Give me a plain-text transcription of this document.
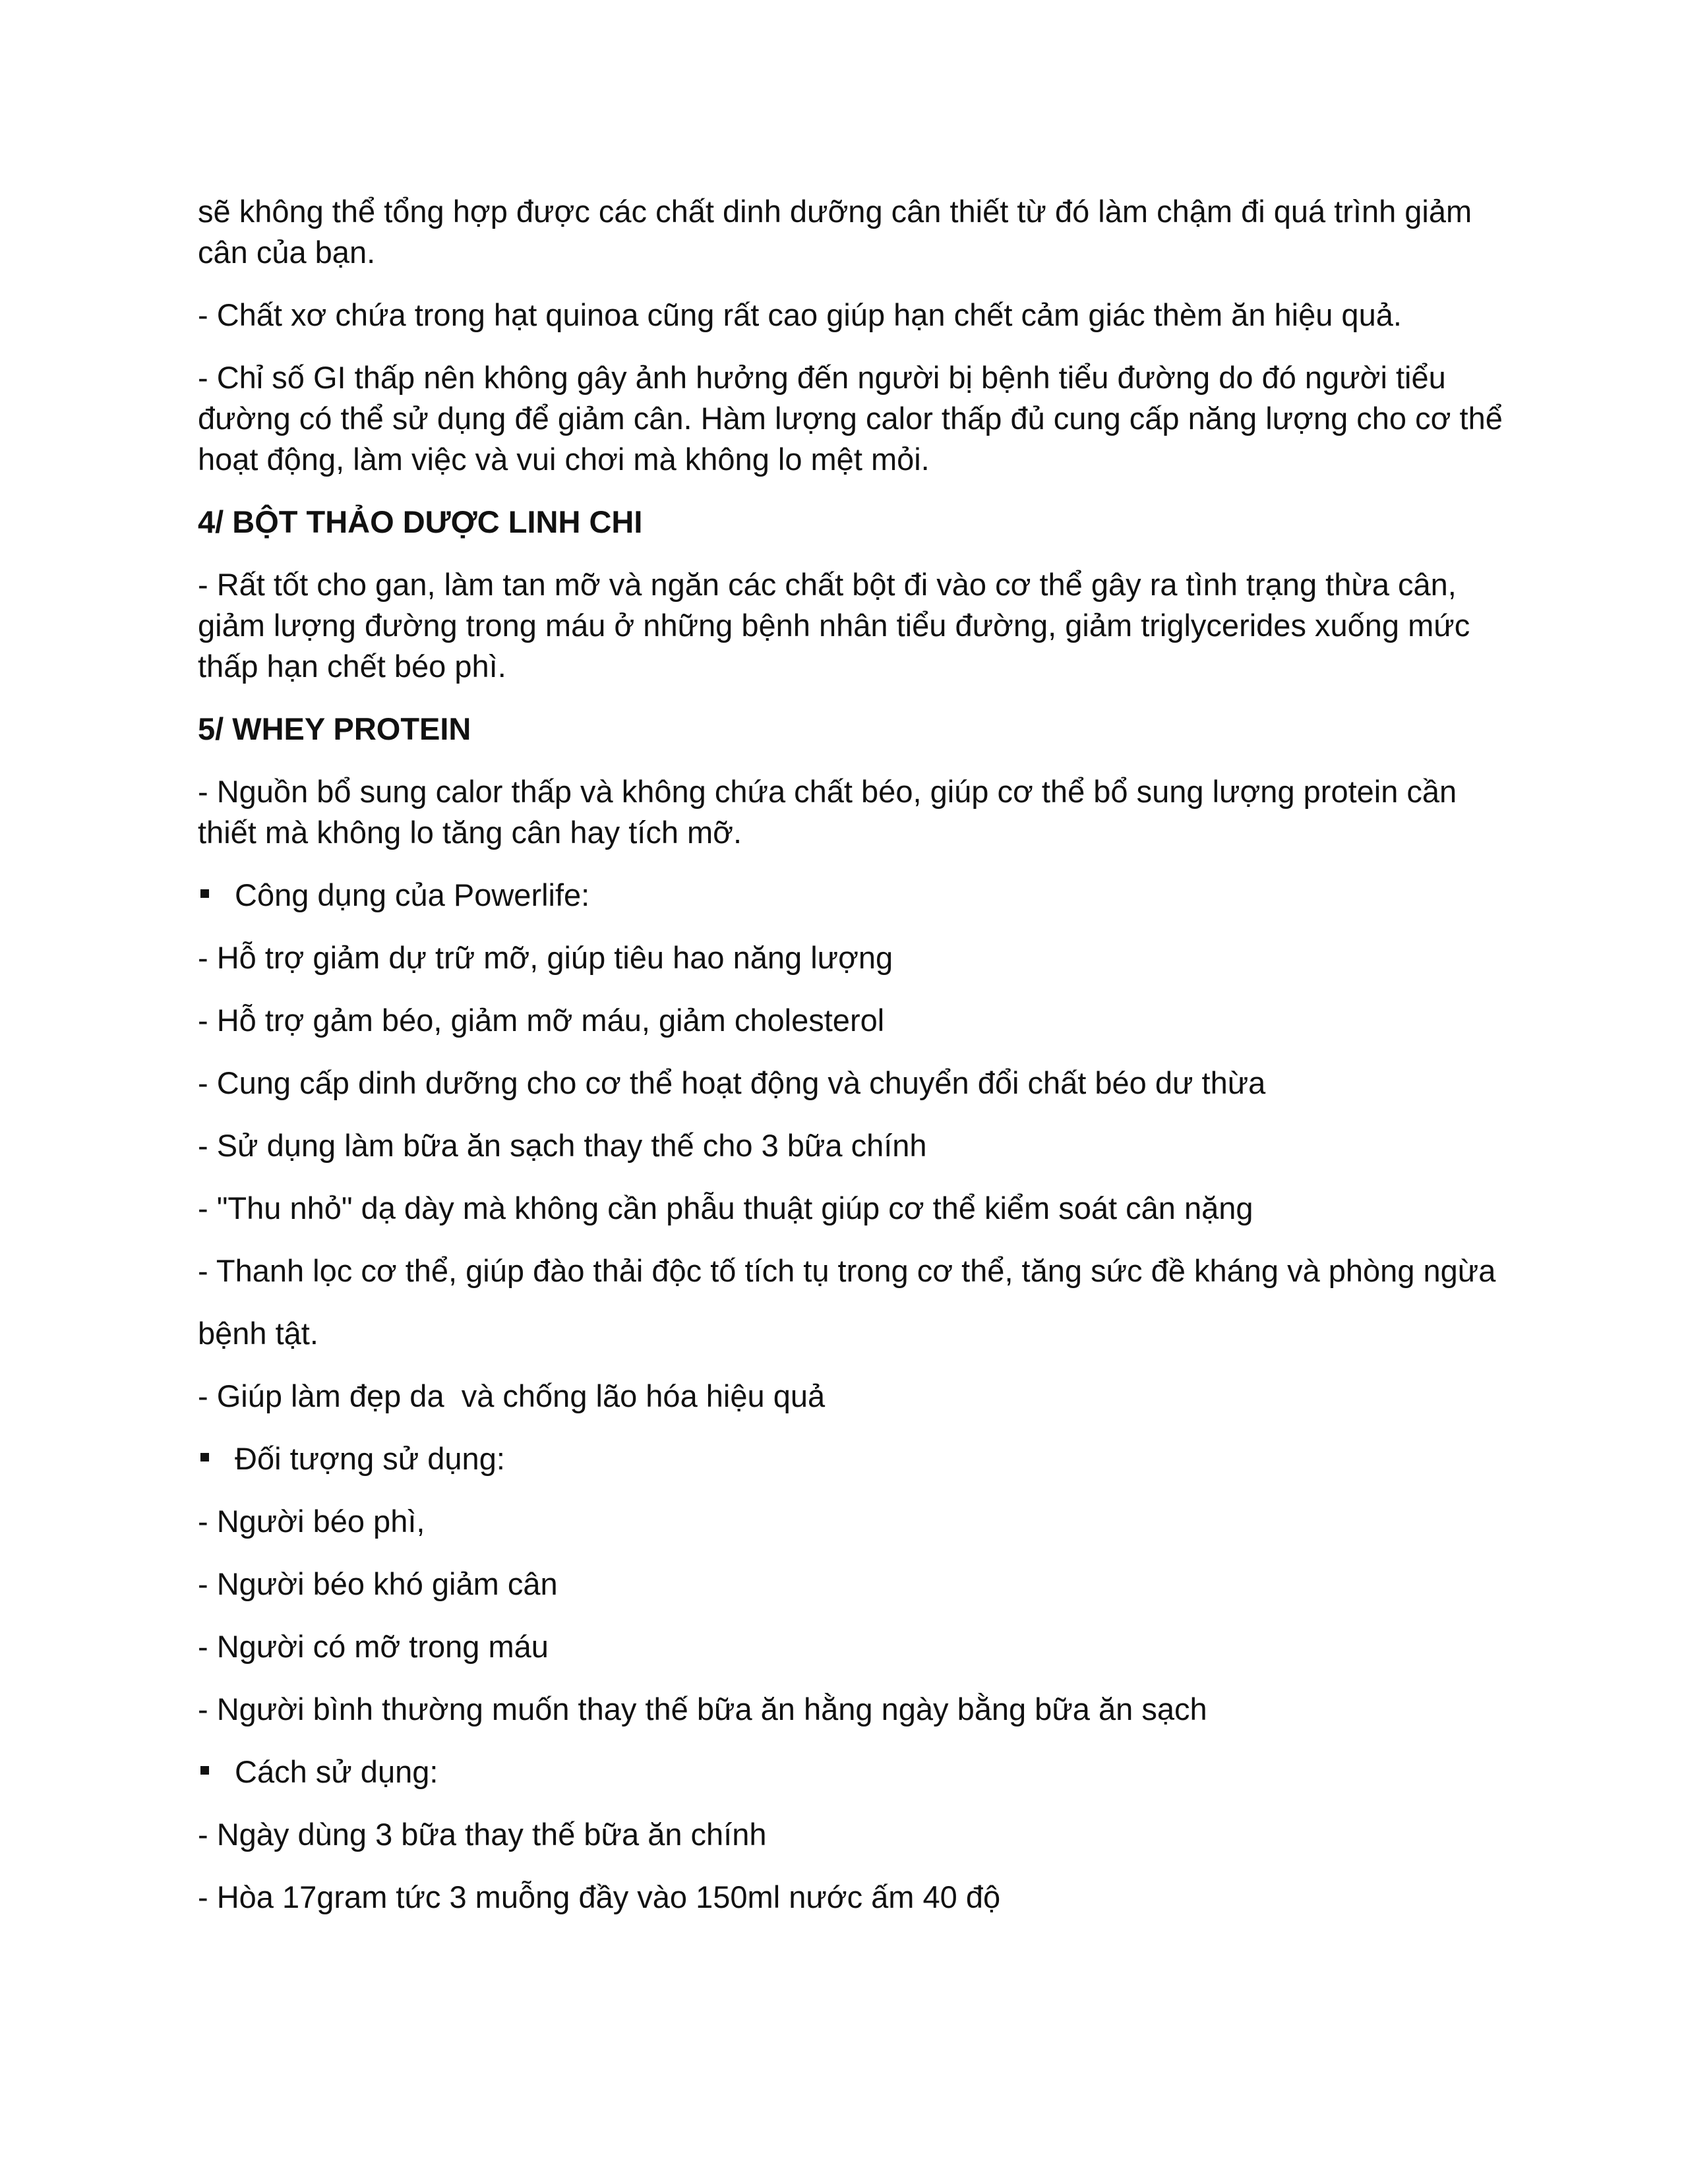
sẽ không thể tổng hợp được các chất dinh dưỡng cân thiết từ đó làm chậm đi quá trình giảm cân của bạn.

- Chất xơ chứa trong hạt quinoa cũng rất cao giúp hạn chết cảm giác thèm ăn hiệu quả.

- Chỉ số GI thấp nên không gây ảnh hưởng đến người bị bệnh tiểu đường do đó người tiểu đường có thể sử dụng để giảm cân. Hàm lượng calor thấp đủ cung cấp năng lượng cho cơ thể hoạt động, làm việc và vui chơi mà không lo mệt mỏi.

4/ BỘT THẢO DƯỢC LINH CHI

- Rất tốt cho gan, làm tan mỡ và ngăn các chất bột đi vào cơ thể gây ra tình trạng thừa cân, giảm lượng đường trong máu ở những bệnh nhân tiểu đường, giảm triglycerides xuống mức thấp hạn chết béo phì.

5/ WHEY PROTEIN

- Nguồn bổ sung calor thấp và không chứa chất béo, giúp cơ thể bổ sung lượng protein cần thiết mà không lo tăng cân hay tích mỡ.

Công dụng của Powerlife:

- Hỗ trợ giảm dự trữ mỡ, giúp tiêu hao năng lượng

- Hỗ trợ gảm béo, giảm mỡ máu, giảm cholesterol

- Cung cấp dinh dưỡng cho cơ thể hoạt động và chuyển đổi chất béo dư thừa

- Sử dụng làm bữa ăn sạch thay thế cho 3 bữa chính

- "Thu nhỏ" dạ dày mà không cần phẫu thuật giúp cơ thể kiểm soát cân nặng

- Thanh lọc cơ thể, giúp đào thải độc tố tích tụ trong cơ thể, tăng sức đề kháng và phòng ngừa

bệnh tật.

- Giúp làm đẹp da  và chống lão hóa hiệu quả

Đối tượng sử dụng:

- Người béo phì,

- Người béo khó giảm cân

- Người có mỡ trong máu

- Người bình thường muốn thay thế bữa ăn hằng ngày bằng bữa ăn sạch

Cách sử dụng:

- Ngày dùng 3 bữa thay thế bữa ăn chính

- Hòa 17gram tức 3 muỗng đầy vào 150ml nước ấm 40 độ
